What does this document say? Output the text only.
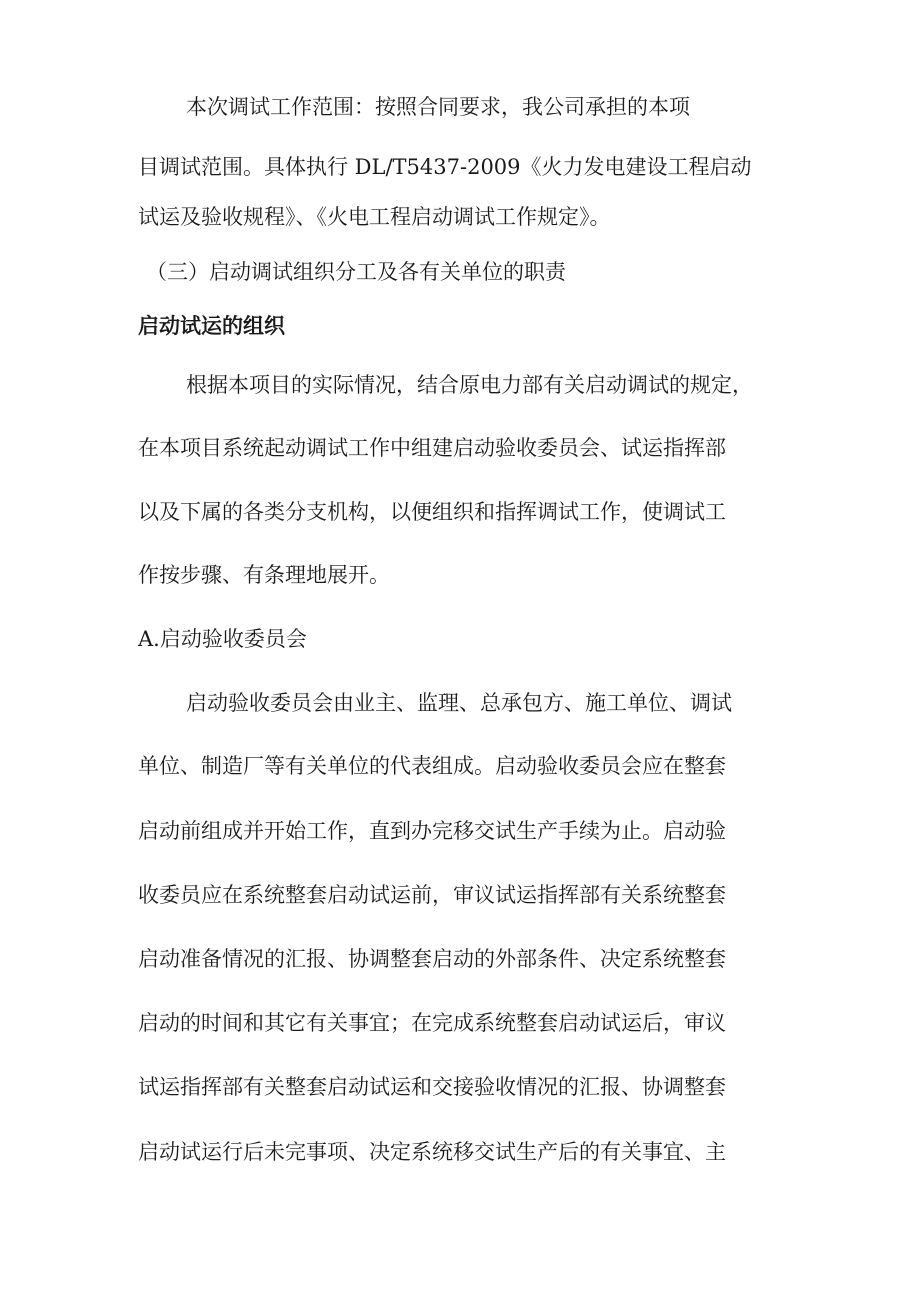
本次调试工作范围：按照合同要求，我公司承担的本项
目调试范围。具体执行 DL/T5437-2009《火力发电建设工程启动
试运及验收规程》、《火电工程启动调试工作规定》。
（三）启动调试组织分工及各有关单位的职责
启动试运的组织
根据本项目的实际情况，结合原电力部有关启动调试的规定，
在本项目系统起动调试工作中组建启动验收委员会、试运指挥部
以及下属的各类分支机构，以便组织和指挥调试工作，使调试工
作按步骤、有条理地展开。
A.启动验收委员会
启动验收委员会由业主、监理、总承包方、施工单位、调试
单位、制造厂等有关单位的代表组成。启动验收委员会应在整套
启动前组成并开始工作，直到办完移交试生产手续为止。启动验
收委员应在系统整套启动试运前，审议试运指挥部有关系统整套
启动准备情况的汇报、协调整套启动的外部条件、决定系统整套
启动的时间和其它有关事宜；在完成系统整套启动试运后，审议
试运指挥部有关整套启动试运和交接验收情况的汇报、协调整套
启动试运行后未完事项、决定系统移交试生产后的有关事宜、主
